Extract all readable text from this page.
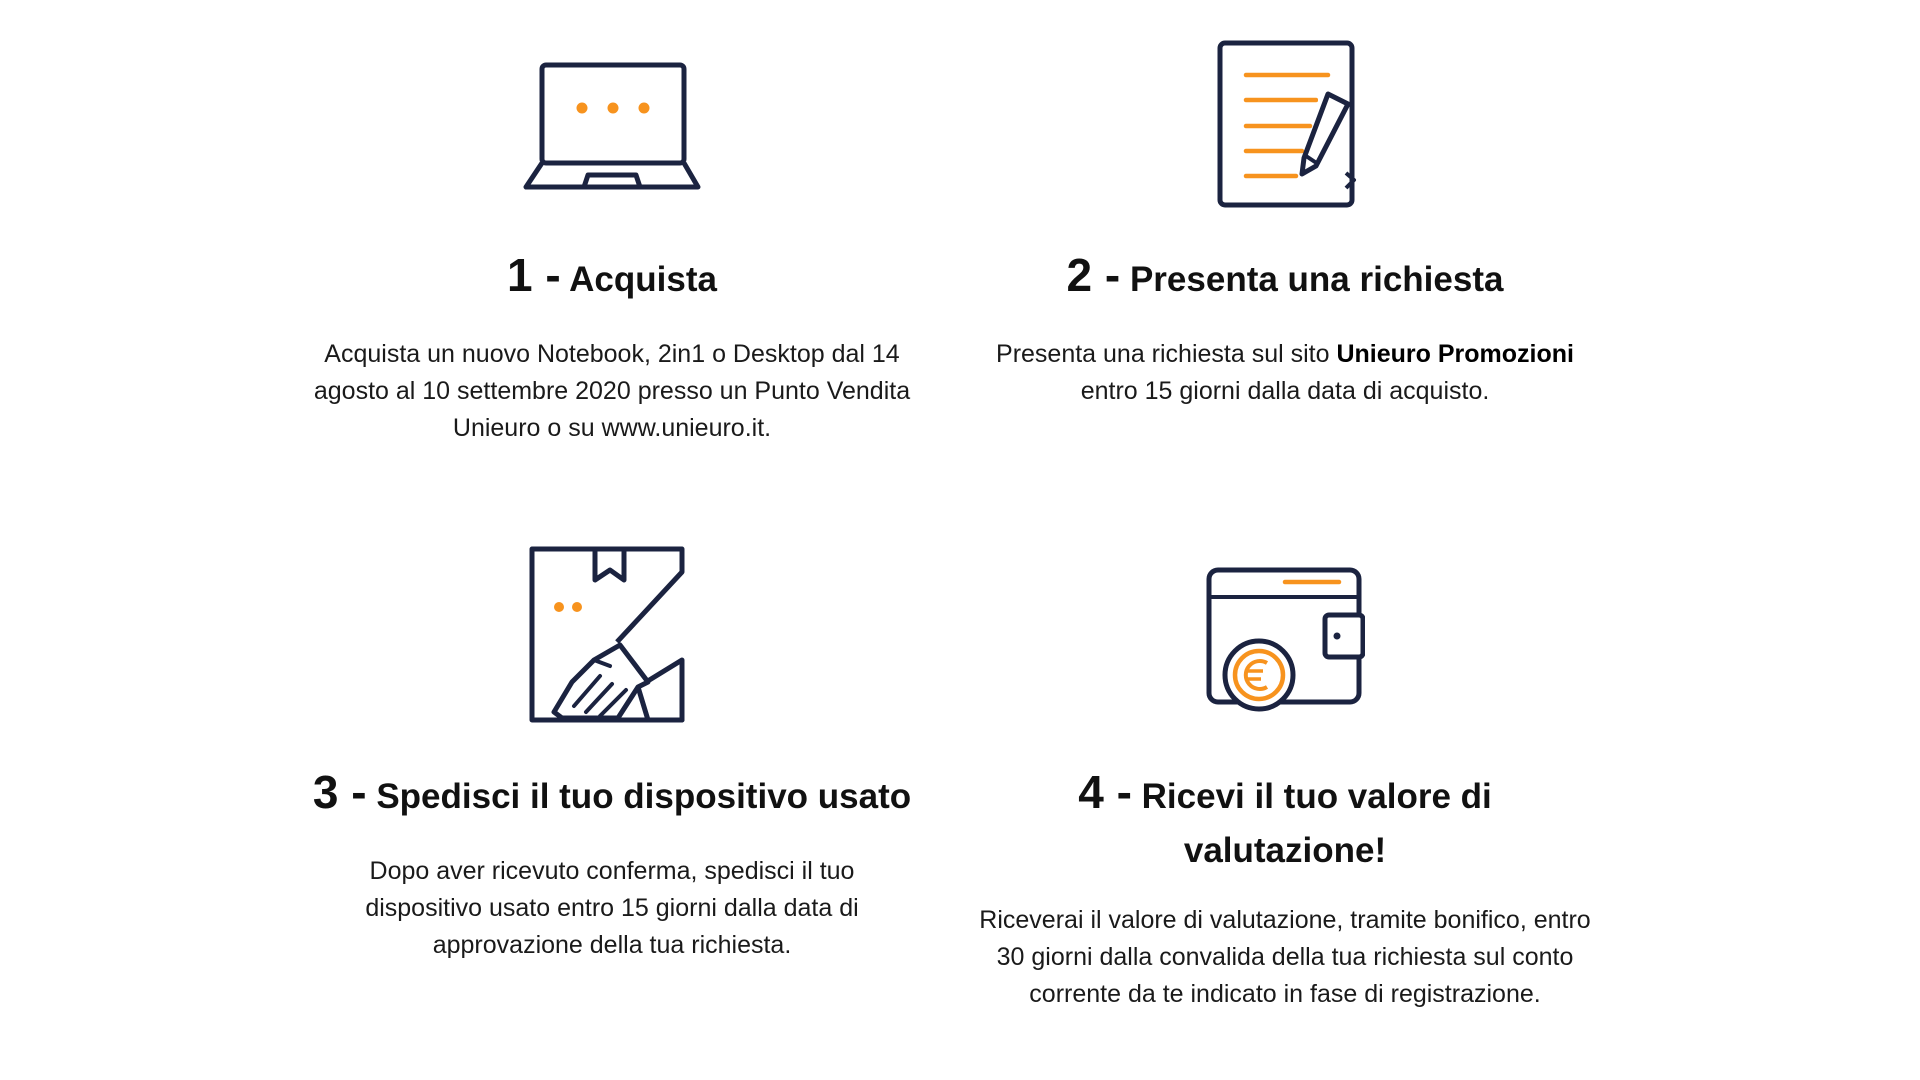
1 - Acquista

Acquista un nuovo Notebook, 2in1 o Desktop dal 14 agosto al 10 settembre 2020 presso un Punto Vendita Unieuro o su www.unieuro.it.

2 - Presenta una richiesta

Presenta una richiesta sul sito Unieuro Promozioni entro 15 giorni dalla data di acquisto.

3 - Spedisci il tuo dispositivo usato

Dopo aver ricevuto conferma, spedisci il tuo dispositivo usato entro 15 giorni dalla data di approvazione della tua richiesta.

4 - Ricevi il tuo valore di valutazione!

Riceverai il valore di valutazione, tramite bonifico, entro 30 giorni dalla convalida della tua richiesta sul conto corrente da te indicato in fase di registrazione.
